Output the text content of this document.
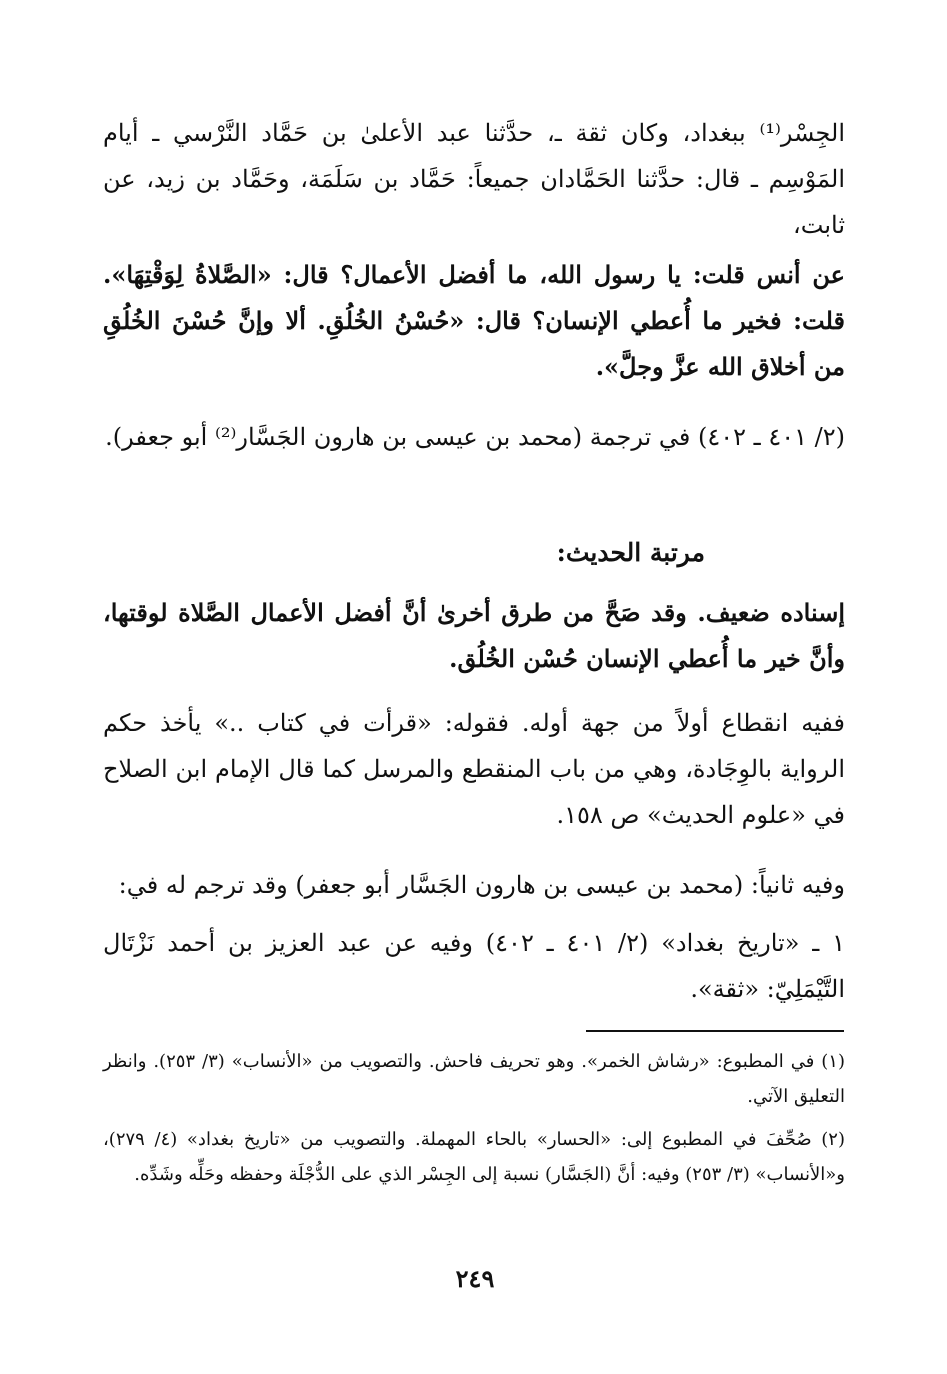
الجِسْر⁽¹⁾ ببغداد، وكان ثقة ـ، حدَّثنا عبد الأعلىٰ بن حَمَّاد النَّرْسي ـ أيام المَوْسِم ـ قال: حدَّثنا الحَمَّادان جميعاً: حَمَّاد بن سَلَمَة، وحَمَّاد بن زيد، عن ثابت،

عن أنس قلت: يا رسول الله، ما أفضل الأعمال؟ قال: «الصَّلاةُ لِوَقْتِهَا». قلت: فخير ما أُعطي الإنسان؟ قال: «حُسْنُ الخُلُقِ. ألا وإنَّ حُسْنَ الخُلُقِ من أخلاق الله عزَّ وجلَّ».

(٢/ ٤٠١ ـ ٤٠٢) في ترجمة (محمد بن عيسى بن هارون الجَسَّار⁽²⁾ أبو جعفر).

مرتبة الحديث:

إسناده ضعيف. وقد صَحَّ من طرق أخرىٰ أنَّ أفضل الأعمال الصَّلاة لوقتها، وأنَّ خير ما أُعطي الإنسان حُسْن الخُلُق.

ففيه انقطاع أولاً من جهة أوله. فقوله: «قرأت في كتاب ..» يأخذ حكم الرواية بالوِجَادة، وهي من باب المنقطع والمرسل كما قال الإمام ابن الصلاح في «علوم الحديث» ص ١٥٨.

وفيه ثانياً: (محمد بن عيسى بن هارون الجَسَّار أبو جعفر) وقد ترجم له في:

١ ـ «تاريخ بغداد» (٢/ ٤٠١ ـ ٤٠٢) وفيه عن عبد العزيز بن أحمد نَزْتَال التَّيْمَلِيّ: «ثقة».

(١) في المطبوع: «رشاش الخمر». وهو تحريف فاحش. والتصويب من «الأنساب» (٣/ ٢٥٣). وانظر التعليق الآتي.

(٢) صُحِّفَ في المطبوع إلى: «الحسار» بالحاء المهملة. والتصويب من «تاريخ بغداد» (٤/ ٢٧٩)، و«الأنساب» (٣/ ٢٥٣) وفيه: أنَّ (الجَسَّار) نسبة إلى الجِسْر الذي على الدُّجْلَة وحفظه وحَلِّه وشَدِّه.

٢٤٩
